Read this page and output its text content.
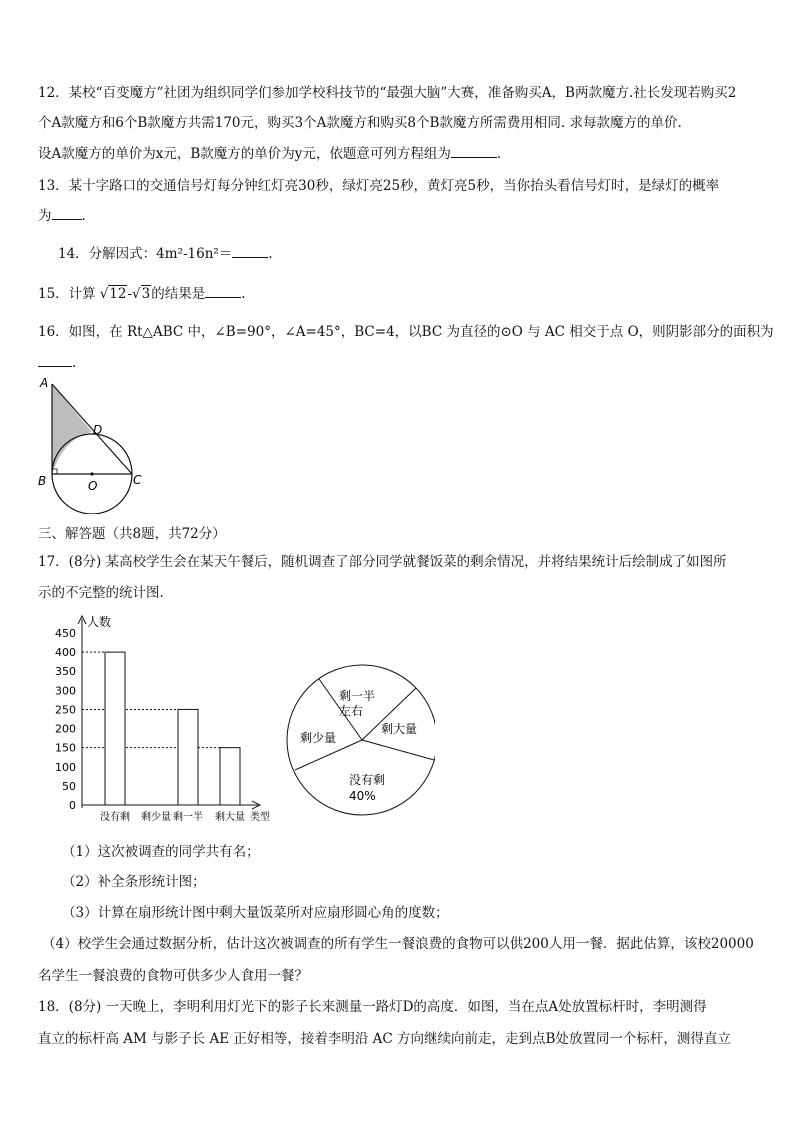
12．某校“百变魔方”社团为组织同学们参加学校科技节的“最强大脑”大赛，准备购买A，B两款魔方.社长发现若购买2
个A款魔方和6个B款魔方共需170元，购买3个A款魔方和购买8个B款魔方所需费用相同. 求每款魔方的单价.
设A款魔方的单价为x元，B款魔方的单价为y元，依题意可列方程组为	.
13．某十字路口的交通信号灯每分钟红灯亮30秒，绿灯亮25秒，黄灯亮5秒，当你抬头看信号灯时，是绿灯的概率
为 .
14．分解因式：4m²-16n²＝	.
15．计算 √12-√3的结果是	.
16．如图，在 Rt△ABC 中，∠B=90°，∠A=45°，BC=4，以BC 为直径的⊙O 与 AC 相交于点 O，则阴影部分的面积为
.
A
B	C
D
O
三、解答题（共8题，共72分）
17．(8分) 某高校学生会在某天午餐后，随机调查了部分同学就餐饭菜的剩余情况，并将结果统计后绘制成了如图所
示的不完整的统计图.
0
50
100
150
200
250
300
350
400
450
没有剩 剩少量 剩一半 剩大量
人数
类型
剩一半
左右
剩大量
剩少量
没有剩
40%
（1）这次被调查的同学共有名；
（2）补全条形统计图；
（3）计算在扇形统计图中剩大量饭菜所对应扇形圆心角的度数；
（4）校学生会通过数据分析，估计这次被调查的所有学生一餐浪费的食物可以供200人用一餐．据此估算，该校20000
名学生一餐浪费的食物可供多少人食用一餐？
18．(8分) 一天晚上，李明利用灯光下的影子长来测量一路灯D的高度．如图，当在点A处放置标杆时，李明测得
直立的标杆高 AM 与影子长 AE 正好相等，接着李明沿 AC 方向继续向前走，走到点B处放置同一个标杆，测得直立
